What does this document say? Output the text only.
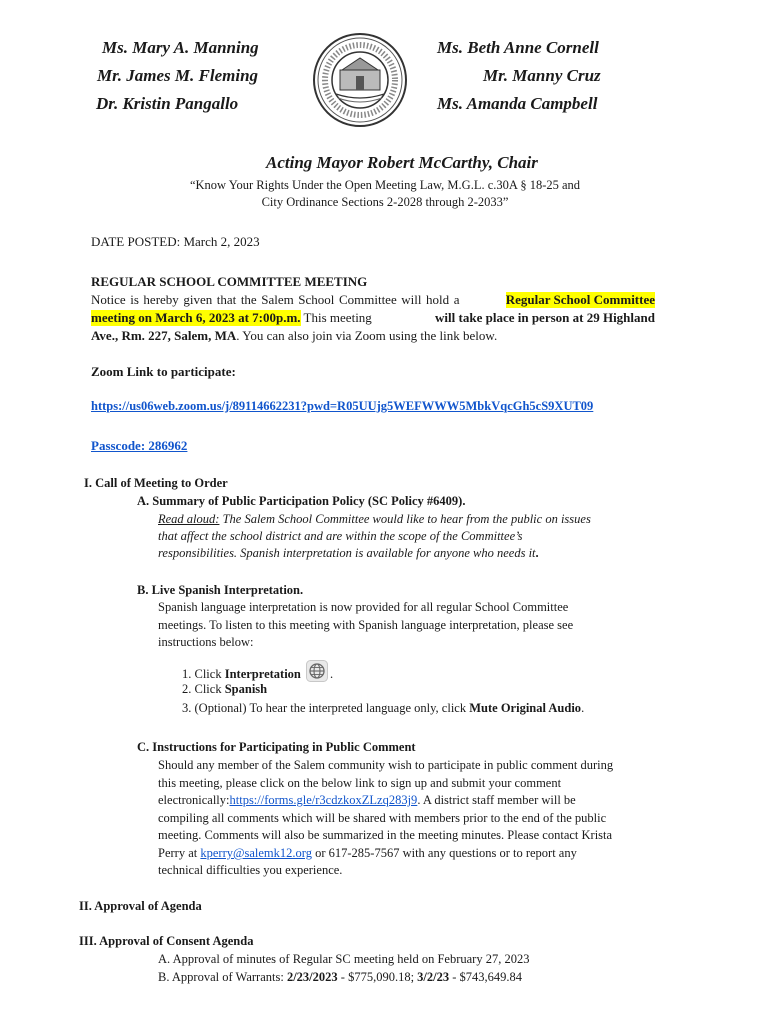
Ms. Mary A. Manning
Mr. James M. Fleming
Dr. Kristin Pangallo
Ms. Beth Anne Cornell
Mr. Manny Cruz
Ms. Amanda Campbell
Acting Mayor Robert McCarthy, Chair
“Know Your Rights Under the Open Meeting Law, M.G.L. c.30A § 18-25 and
City Ordinance Sections 2-2028 through 2-2033”
DATE POSTED: March 2, 2023
REGULAR SCHOOL COMMITTEE MEETING
Notice is hereby given that the Salem School Committee will hold a	Regular School Committee
meeting on March 6, 2023 at 7:00p.m. This meeting	will take place in person at 29 Highland
Ave., Rm. 227, Salem, MA. You can also join via Zoom using the link below.
Zoom Link to participate:
https://us06web.zoom.us/j/89114662231?pwd=R05UUjg5WEFWWW5MbkVqcGh5cS9XUT09
Passcode: 286962
I. Call of Meeting to Order
A. Summary of Public Participation Policy (SC Policy #6409).
Read aloud: The Salem School Committee would like to hear from the public on issues
that affect the school district and are within the scope of the Committee’s
responsibilities. Spanish interpretation is available for anyone who needs it.
B. Live Spanish Interpretation.
Spanish language interpretation is now provided for all regular School Committee
meetings. To listen to this meeting with Spanish language interpretation, please see
instructions below:
1. Click Interpretation .
2. Click Spanish
3. (Optional) To hear the interpreted language only, click Mute Original Audio.
C. Instructions for Participating in Public Comment
Should any member of the Salem community wish to participate in public comment during
this meeting, please click on the below link to sign up and submit your comment
electronically:https://forms.gle/r3cdzkoxZLzq283j9. A district staff member will be
compiling all comments which will be shared with members prior to the end of the public
meeting. Comments will also be summarized in the meeting minutes. Please contact Krista
Perry at kperry@salemk12.org or 617-285-7567 with any questions or to report any
technical difficulties you experience.
II. Approval of Agenda
III. Approval of Consent Agenda
A. Approval of minutes of Regular SC meeting held on February 27, 2023
B. Approval of Warrants: 2/23/2023 - $775,090.18; 3/2/23 - $743,649.84
